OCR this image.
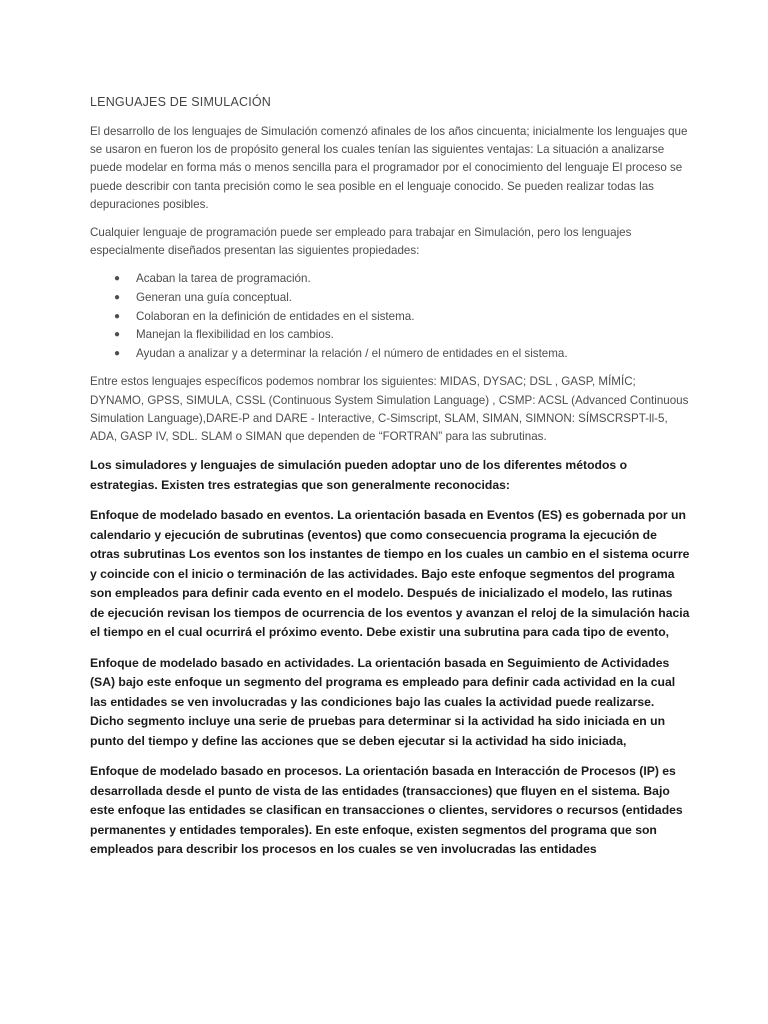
LENGUAJES DE SIMULACIÓN

El desarrollo de los lenguajes de Simulación comenzó afinales de los años cincuenta; inicialmente los lenguajes que se usaron en fueron los de propósito general los cuales tenían las siguientes ventajas: La situación a analizarse puede modelar en forma más o menos sencilla para el programador por el conocimiento del lenguaje El proceso se puede describir con tanta precisión como le sea posible en el lenguaje conocido. Se pueden realizar todas las depuraciones posibles.

Cualquier lenguaje de programación puede ser empleado para trabajar en Simulación, pero los lenguajes especialmente diseñados presentan las siguientes propiedades:

● Acaban la tarea de programación.
● Generan una guía conceptual.
● Colaboran en la definición de entidades en el sistema.
● Manejan la flexibilidad en los cambios.
● Ayudan a analizar y a determinar la relación / el número de entidades en el sistema.

Entre estos lenguajes específicos podemos nombrar los siguientes: MIDAS, DYSAC; DSL , GASP, MÍMÍC; DYNAMO, GPSS, SIMULA, CSSL (Continuous System Simulation Language) , CSMP: ACSL (Advanced Continuous Simulation Language),DARE-P and DARE - Interactive, C-Simscript, SLAM, SIMAN, SIMNON: SÍMSCRSPT-ll-5, ADA, GASP IV, SDL. SLAM o SIMAN que dependen de “FORTRAN” para las subrutinas.

Los simuladores y lenguajes de simulación pueden adoptar uno de los diferentes métodos o estrategias. Existen tres estrategias que son generalmente reconocidas:

Enfoque de modelado basado en eventos. La orientación basada en Eventos (ES) es gobernada por un calendario y ejecución de subrutinas (eventos) que como consecuencia programa la ejecución de otras subrutinas Los eventos son los instantes de tiempo en los cuales un cambio en el sistema ocurre y coincide con el inicio o terminación de las actividades. Bajo este enfoque segmentos del programa son empleados para definir cada evento en el modelo. Después de inicializado el modelo, las rutinas de ejecución revisan los tiempos de ocurrencia de los eventos y avanzan el reloj de la simulación hacia el tiempo en el cual ocurrirá el próximo evento. Debe existir una subrutina para cada tipo de evento,

Enfoque de modelado basado en actividades. La orientación basada en Seguimiento de Actividades (SA) bajo este enfoque un segmento del programa es empleado para definir cada actividad en la cual las entidades se ven involucradas y las condiciones bajo las cuales la actividad puede realizarse. Dicho segmento incluye una serie de pruebas para determinar si la actividad ha sido iniciada en un punto del tiempo y define las acciones que se deben ejecutar si la actividad ha sido iniciada,

Enfoque de modelado basado en procesos. La orientación basada en Interacción de Procesos (IP) es desarrollada desde el punto de vista de las entidades (transacciones) que fluyen en el sistema. Bajo este enfoque las entidades se clasifican en transacciones o clientes, servidores o recursos (entidades permanentes y entidades temporales). En este enfoque, existen segmentos del programa que son empleados para describir los procesos en los cuales se ven involucradas las entidades
